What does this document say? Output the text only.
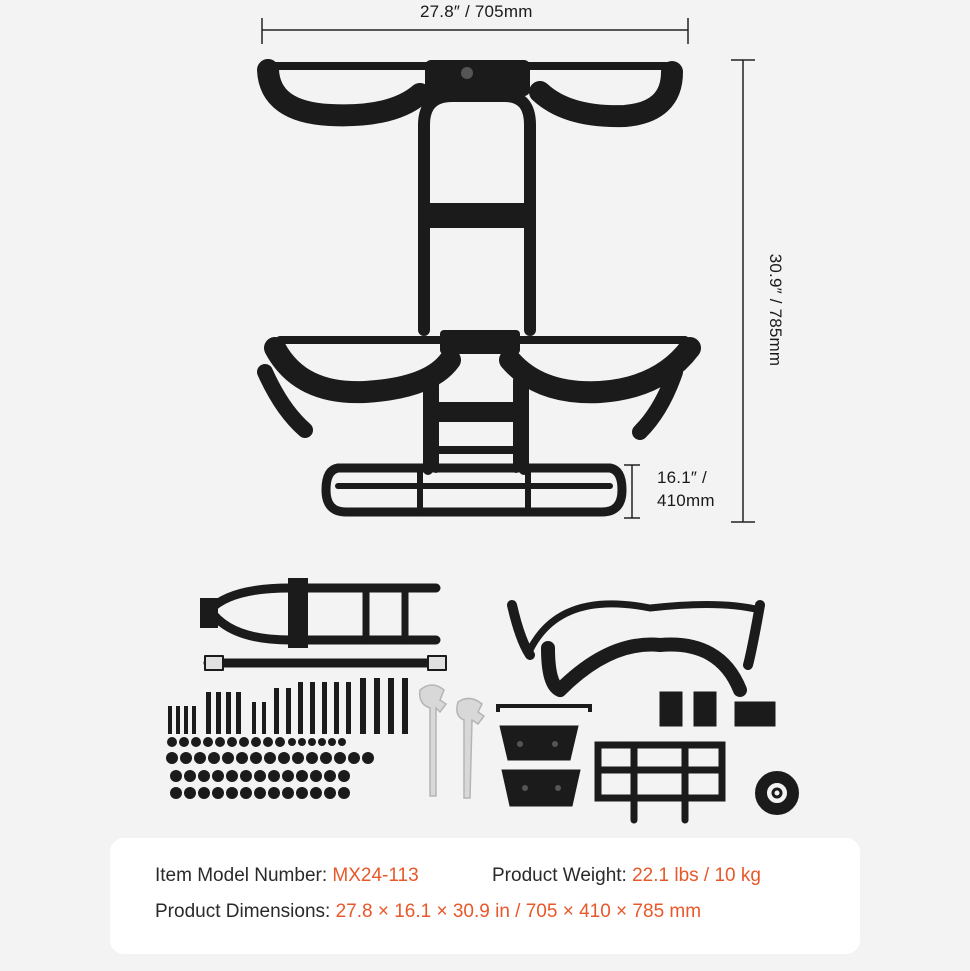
27.8″ / 705mm
30.9″ / 785mm
16.1″ /
410mm
Item Model Number: MX24-113	Product Weight: 22.1 lbs / 10 kg
Product Dimensions: 27.8 × 16.1 × 30.9 in / 705 × 410 × 785 mm
